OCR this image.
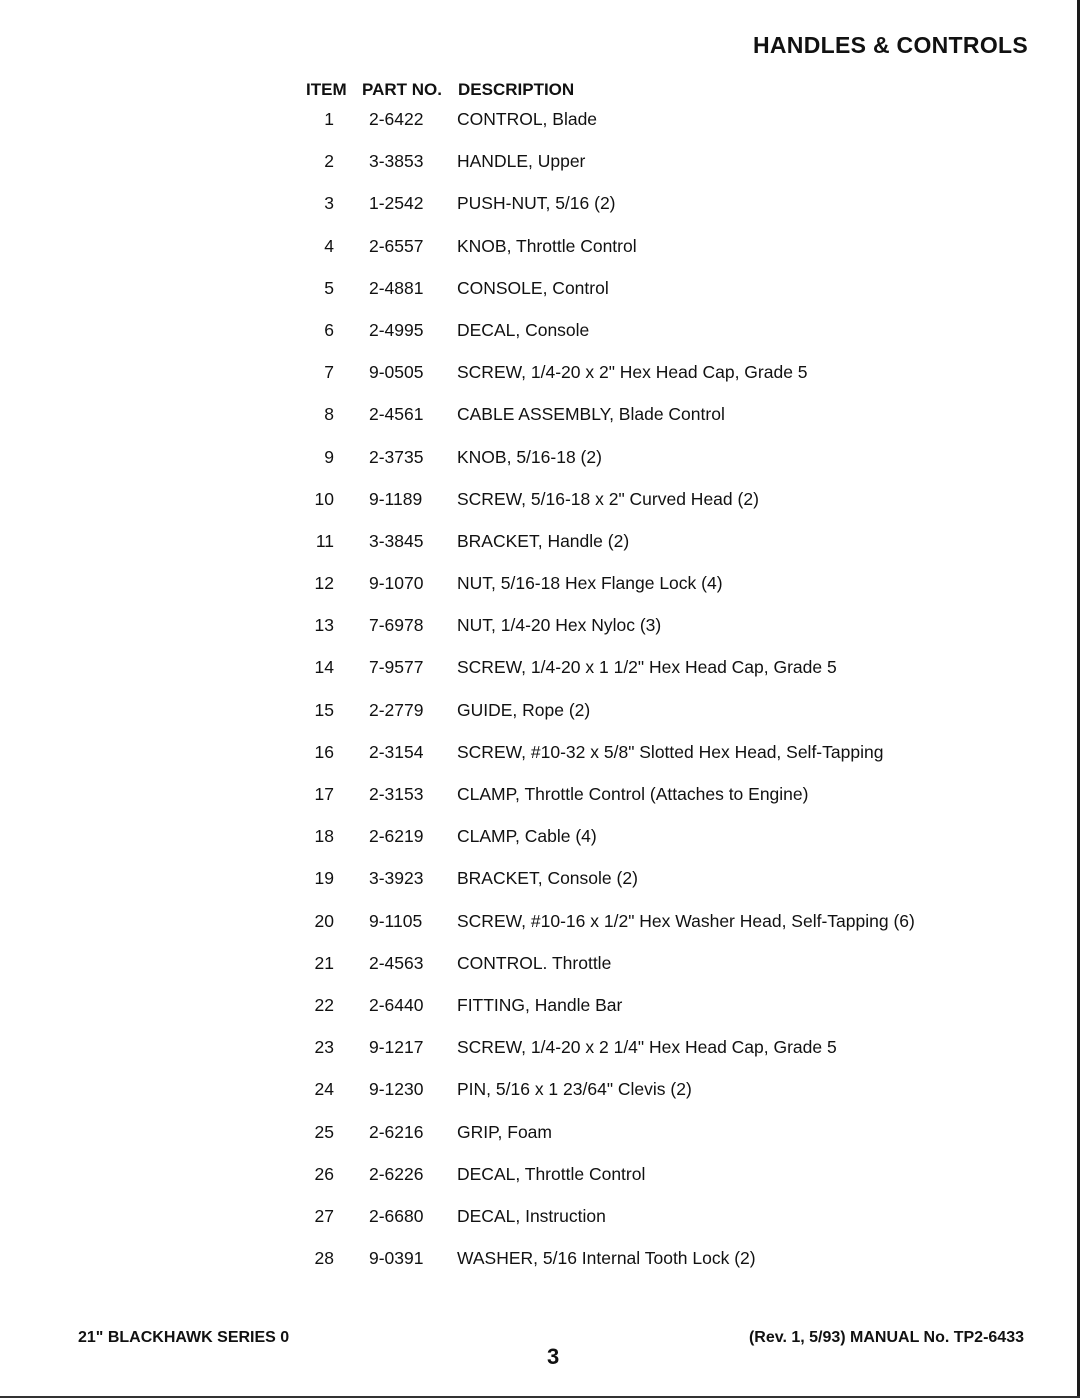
HANDLES & CONTROLS
ITEM PART NO. DESCRIPTION
1 2-6422 CONTROL, Blade
2 3-3853 HANDLE, Upper
3 1-2542 PUSH-NUT, 5/16 (2)
4 2-6557 KNOB, Throttle Control
5 2-4881 CONSOLE, Control
6 2-4995 DECAL, Console
7 9-0505 SCREW, 1/4-20 x 2" Hex Head Cap, Grade 5
8 2-4561 CABLE ASSEMBLY, Blade Control
9 2-3735 KNOB, 5/16-18 (2)
10 9-1189 SCREW, 5/16-18 x 2" Curved Head (2)
11 3-3845 BRACKET, Handle (2)
12 9-1070 NUT, 5/16-18 Hex Flange Lock (4)
13 7-6978 NUT, 1/4-20 Hex Nyloc (3)
14 7-9577 SCREW, 1/4-20 x 1 1/2" Hex Head Cap, Grade 5
15 2-2779 GUIDE, Rope (2)
16 2-3154 SCREW, #10-32 x 5/8" Slotted Hex Head, Self-Tapping
17 2-3153 CLAMP, Throttle Control (Attaches to Engine)
18 2-6219 CLAMP, Cable (4)
19 3-3923 BRACKET, Console (2)
20 9-1105 SCREW, #10-16 x 1/2" Hex Washer Head, Self-Tapping (6)
21 2-4563 CONTROL. Throttle
22 2-6440 FITTING, Handle Bar
23 9-1217 SCREW, 1/4-20 x 2 1/4" Hex Head Cap, Grade 5
24 9-1230 PIN, 5/16 x 1 23/64" Clevis (2)
25 2-6216 GRIP, Foam
26 2-6226 DECAL, Throttle Control
27 2-6680 DECAL, Instruction
28 9-0391 WASHER, 5/16 Internal Tooth Lock (2)
21" BLACKHAWK SERIES 0
3
(Rev. 1, 5/93) MANUAL No. TP2-6433
